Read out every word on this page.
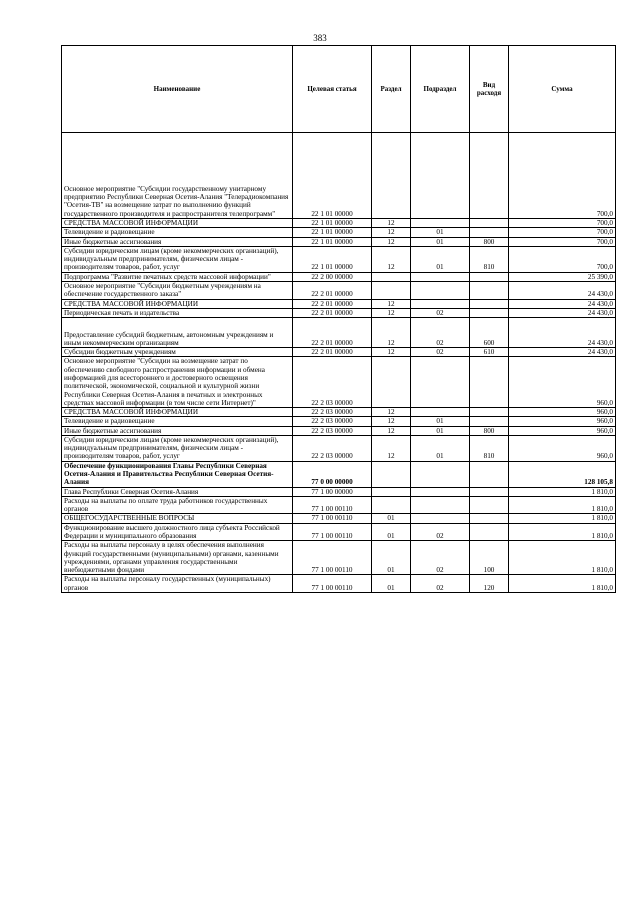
383
Наименование	Целевая статья	Раздел	Подраздел	Вид расходя	Сумма
Основное мероприятие "Субсидии государственному унитарному предприятию Республики Северная Осетия-Алания "Телерадиокомпания "Осетия-ТВ" на возмещение затрат по выполнению функций государственного производителя и распространителя телепрограмм"	22 1 01 00000				700,0
СРЕДСТВА МАССОВОЙ ИНФОРМАЦИИ	22 1 01 00000	12			700,0
Телевидение и радиовещание	22 1 01 00000	12	01		700,0
Иные бюджетные ассигнования	22 1 01 00000	12	01	800	700,0
Субсидии юридическим лицам (кроме некоммерческих организаций), индивидуальным предпринимателям, физическим лицам - производителям товаров, работ, услуг	22 1 01 00000	12	01	810	700,0
Подпрограмма "Развитие печатных средств массовой информации"	22 2 00 00000				25 390,0
Основное мероприятие "Субсидии бюджетным учреждениям на обеспечение государственного заказа"	22 2 01 00000				24 430,0
СРЕДСТВА МАССОВОЙ ИНФОРМАЦИИ	22 2 01 00000	12			24 430,0
Периодическая печать и издательства	22 2 01 00000	12	02		24 430,0
Предоставление субсидий бюджетным, автономным учреждениям и иным некоммерческим организациям	22 2 01 00000	12	02	600	24 430,0
Субсидии бюджетным учреждениям	22 2 01 00000	12	02	610	24 430,0
Основное мероприятие "Субсидии на возмещение затрат по обеспечению свободного распространения информации и обмена информацией для всестороннего и достоверного освещения политической, экономической, социальной и культурной жизни Республики Северная Осетия-Алания в печатных и электронных средствах массовой информации (в том числе сети Интернет)"	22 2 03 00000				960,0
СРЕДСТВА МАССОВОЙ ИНФОРМАЦИИ	22 2 03 00000	12			960,0
Телевидение и радиовещание	22 2 03 00000	12	01		960,0
Иные бюджетные ассигнования	22 2 03 00000	12	01	800	960,0
Субсидии юридическим лицам (кроме некоммерческих организаций), индивидуальным предпринимателям, физическим лицам - производителям товаров, работ, услуг	22 2 03 00000	12	01	810	960,0
Обеспечение функционирования Главы Республики Северная Осетия-Алания и Правительства Республики Северная Осетия-Алания	77 0 00 00000				128 105,8
Глава Республики Северная Осетия-Алания	77 1 00 00000				1 810,0
Расходы на выплаты по оплате труда работников государственных органов	77 1 00 00110				1 810,0
ОБЩЕГОСУДАРСТВЕННЫЕ ВОПРОСЫ	77 1 00 00110	01			1 810,0
Функционирование высшего должностного лица субъекта Российской Федерации и муниципального образования	77 1 00 00110	01	02		1 810,0
Расходы на выплаты персоналу в целях обеспечения выполнения функций государственными (муниципальными) органами, казенными учреждениями, органами управления государственными внебюджетными фондами	77 1 00 00110	01	02	100	1 810,0
Расходы на выплаты персоналу государственных (муниципальных) органов	77 1 00 00110	01	02	120	1 810,0
